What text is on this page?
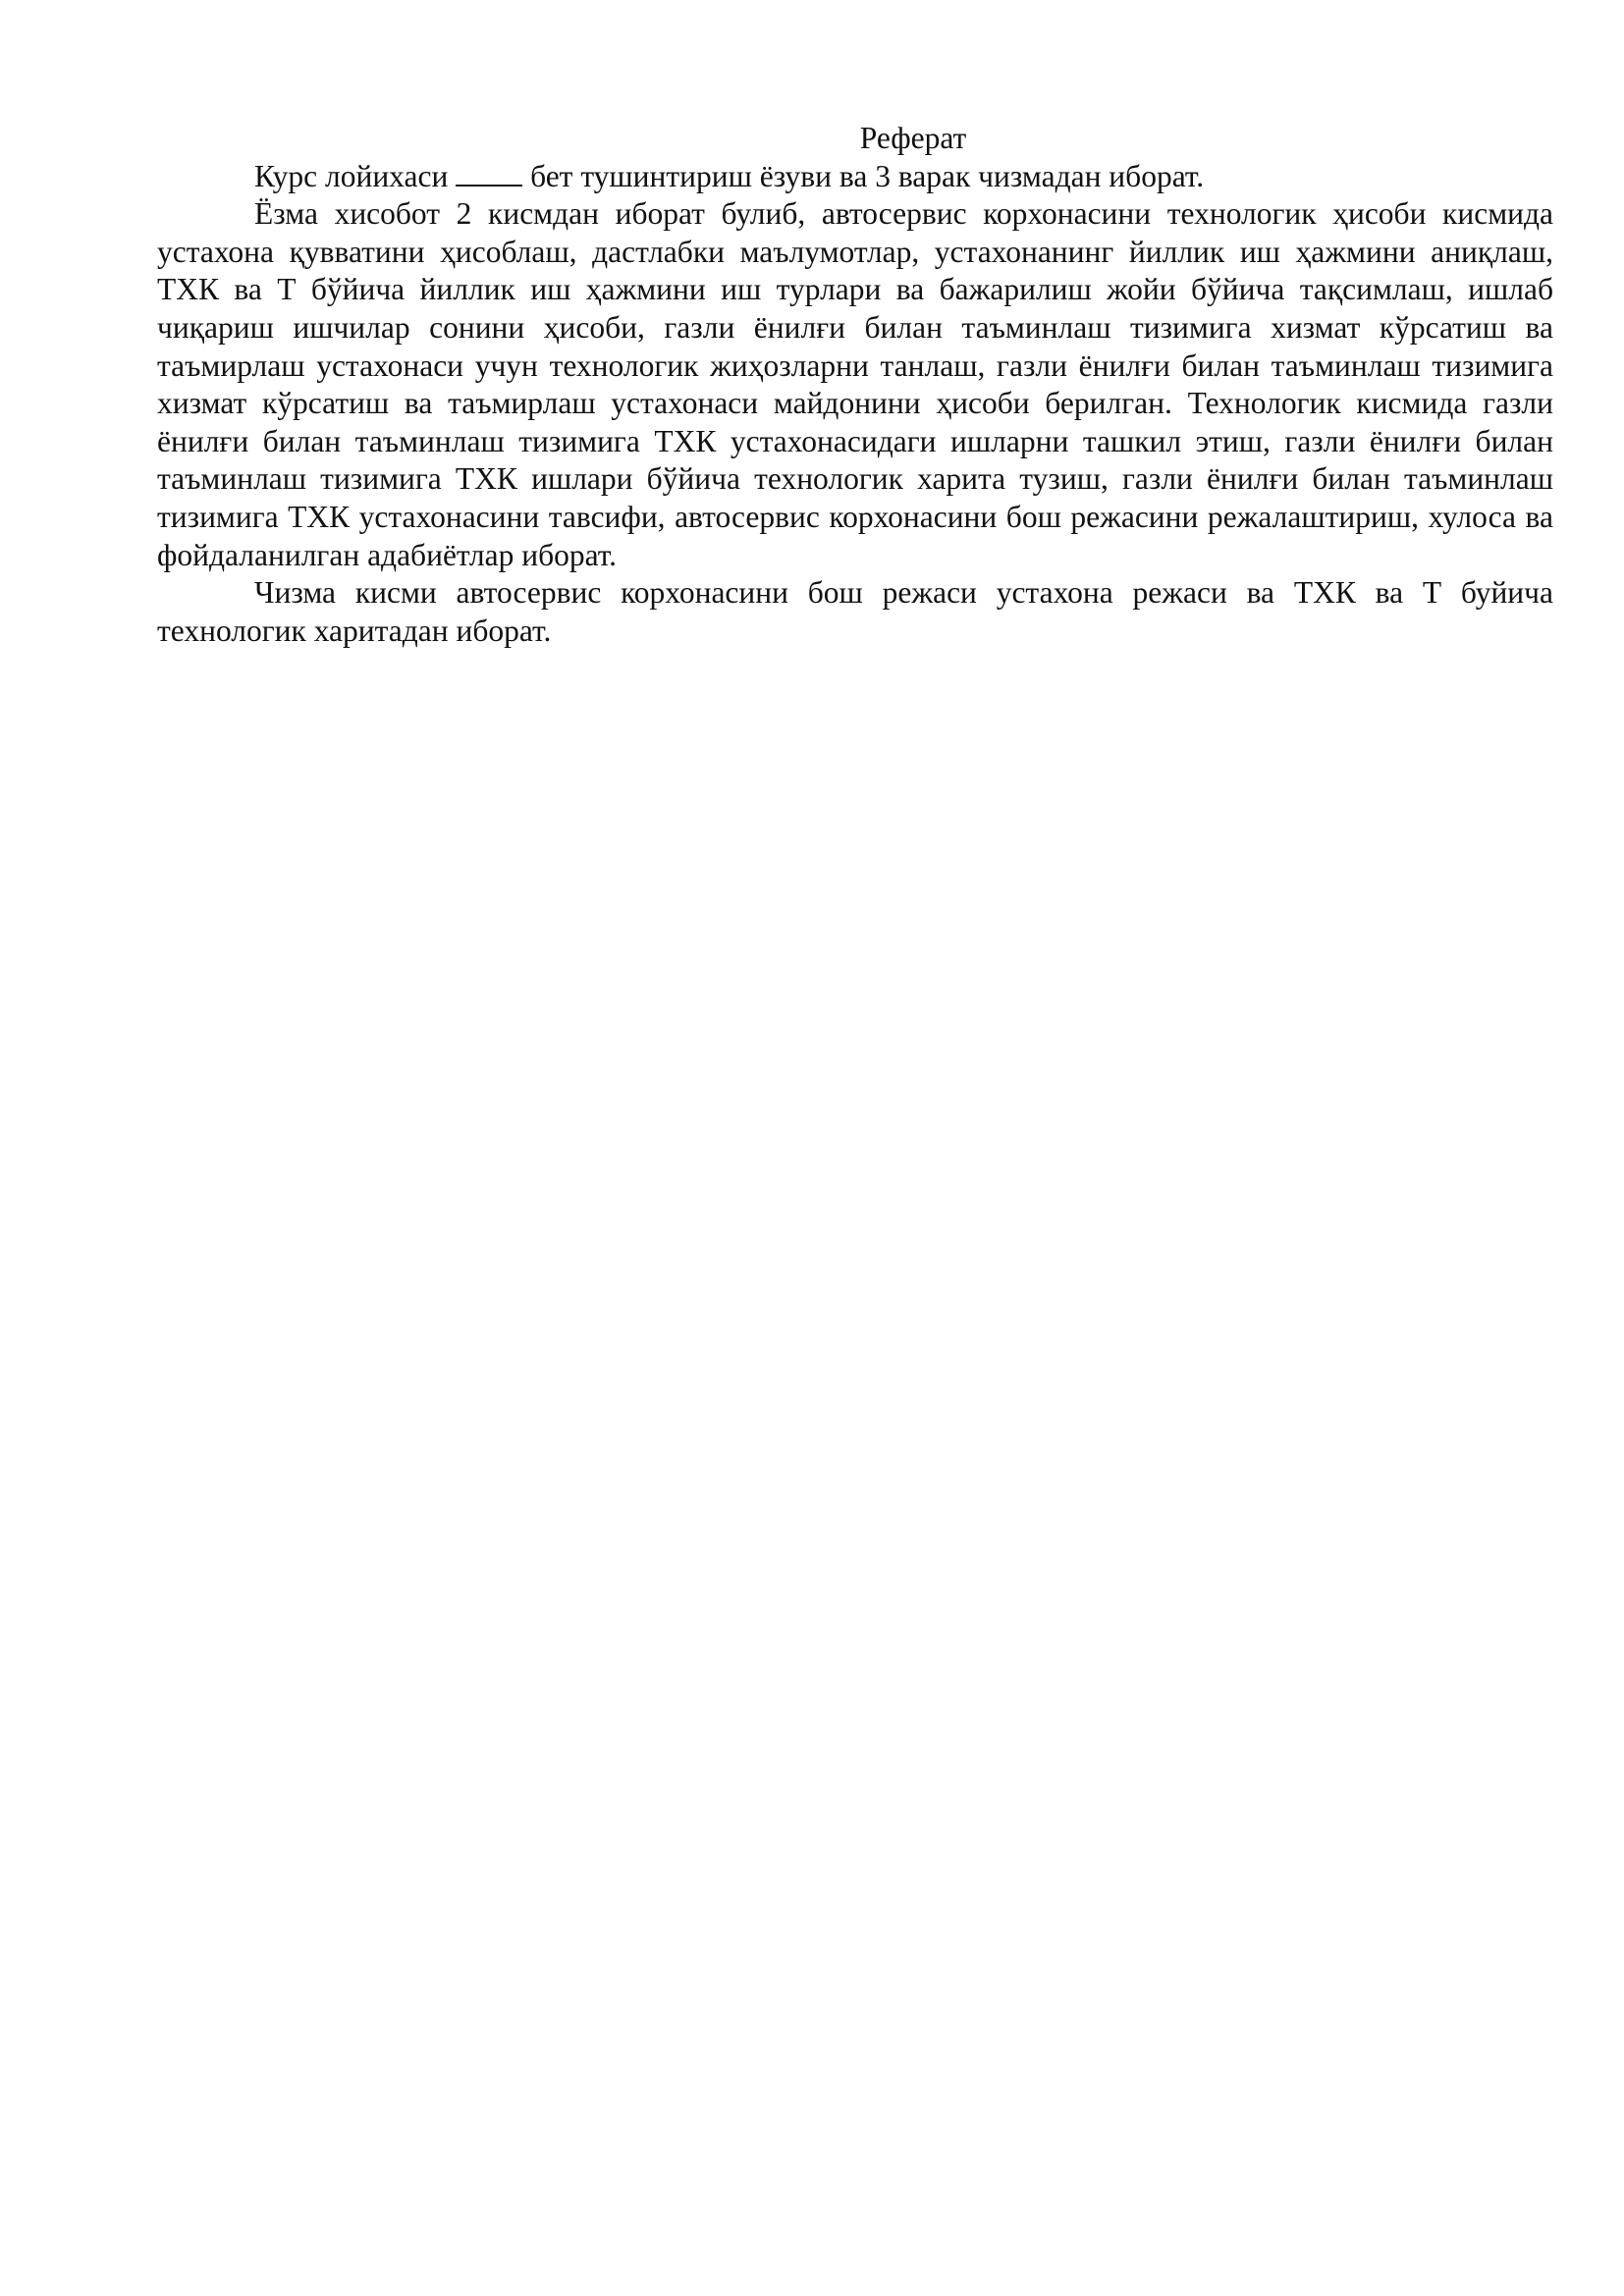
Реферат

Курс лойихаси  бет тушинтириш ёзуви ва 3 варак чизмадан иборат.

Ёзма хисобот 2 кисмдан иборат булиб, автосервис корхонасини технологик ҳисоби кисмида устахона қувватини ҳисоблаш, дастлабки маълумотлар, устахонанинг йиллик иш ҳажмини аниқлаш, ТХК ва Т бўйича йиллик иш ҳажмини иш турлари ва бажарилиш жойи бўйича тақсимлаш, ишлаб чиқариш ишчилар сонини ҳисоби, газли ёнилғи билан таъминлаш тизимига хизмат кўрсатиш ва таъмирлаш устахонаси учун технологик жиҳозларни танлаш, газли ёнилғи билан таъминлаш тизимига хизмат кўрсатиш ва таъмирлаш устахонаси майдонини ҳисоби берилган. Технологик кисмида газли ёнилғи билан таъминлаш тизимига ТХК устахонасидаги ишларни ташкил этиш, газли ёнилғи билан таъминлаш тизимига ТХК ишлари бўйича технологик харита тузиш, газли ёнилғи билан таъминлаш тизимига ТХК устахонасини тавсифи, автосервис корхонасини бош режасини режалаштириш, хулоса ва фойдаланилган адабиётлар иборат.

Чизма кисми автосервис корхонасини бош режаси устахона режаси ва ТХК ва Т буйича технологик харитадан иборат.
